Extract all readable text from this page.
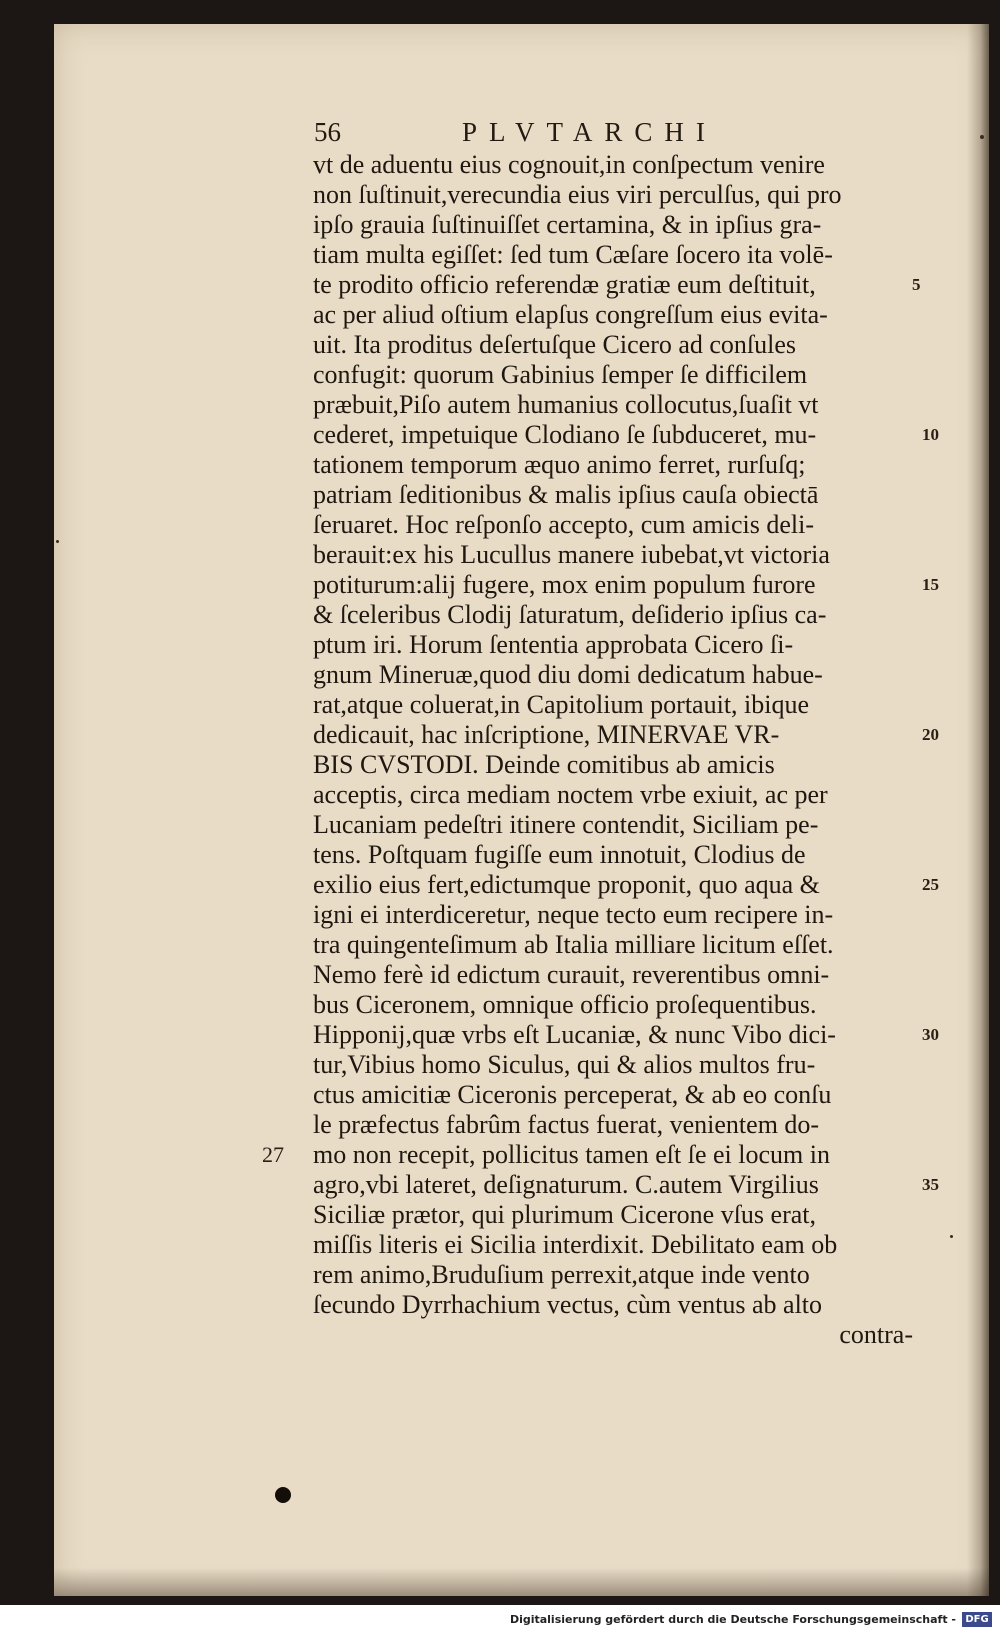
56	PLVTARCHI
vt de aduentu eius cognouit,in conſpectum venire
non ſuſtinuit,verecundia eius viri perculſus, qui pro
ipſo grauia ſuſtinuiſſet certamina, & in ipſius gra-
tiam multa egiſſet: ſed tum Cæſare ſocero ita volē-
te prodito officio referendæ gratiæ eum deſtituit,
ac per aliud oſtium elapſus congreſſum eius evita-
uit. Ita proditus deſertuſque Cicero ad conſules
confugit: quorum Gabinius ſemper ſe difficilem
præbuit,Piſo autem humanius collocutus,ſuaſit vt
cederet, impetuique Clodiano ſe ſubduceret, mu-
tationem temporum æquo animo ferret, rurſuſq;
patriam ſeditionibus & malis ipſius cauſa obiectā
ſeruaret. Hoc reſponſo accepto, cum amicis deli-
berauit:ex his Lucullus manere iubebat,vt victoria
potiturum:alij fugere, mox enim populum furore
& ſceleribus Clodij ſaturatum, deſiderio ipſius ca-
ptum iri. Horum ſententia approbata Cicero ſi-
gnum Mineruæ,quod diu domi dedicatum habue-
rat,atque coluerat,in Capitolium portauit, ibique
dedicauit, hac inſcriptione, MINERVAE VR-
BIS CVSTODI. Deinde comitibus ab amicis
acceptis, circa mediam noctem vrbe exiuit, ac per
Lucaniam pedeſtri itinere contendit, Siciliam pe-
tens. Poſtquam fugiſſe eum innotuit, Clodius de
exilio eius fert,edictumque proponit, quo aqua &
igni ei interdiceretur, neque tecto eum recipere in-
tra quingenteſimum ab Italia milliare licitum eſſet.
Nemo ferè id edictum curauit, reverentibus omni-
bus Ciceronem, omnique officio proſequentibus.
Hipponij,quæ vrbs eſt Lucaniæ, & nunc Vibo dici-
tur,Vibius homo Siculus, qui & alios multos fru-
ctus amicitiæ Ciceronis perceperat, & ab eo conſu
le præfectus fabrûm factus fuerat, venientem do-
mo non recepit, pollicitus tamen eſt ſe ei locum in
agro,vbi lateret, deſignaturum. C.autem Virgilius
Siciliæ prætor, qui plurimum Cicerone vſus erat,
miſſis literis ei Sicilia interdixit. Debilitato eam ob
rem animo,Bruduſium perrexit,atque inde vento
ſecundo Dyrrhachium vectus, cùm ventus ab alto
contra-
5
10
15
20
25
30
35
27
Digitalisierung gefördert durch die Deutsche Forschungsgemeinschaft - DFG
